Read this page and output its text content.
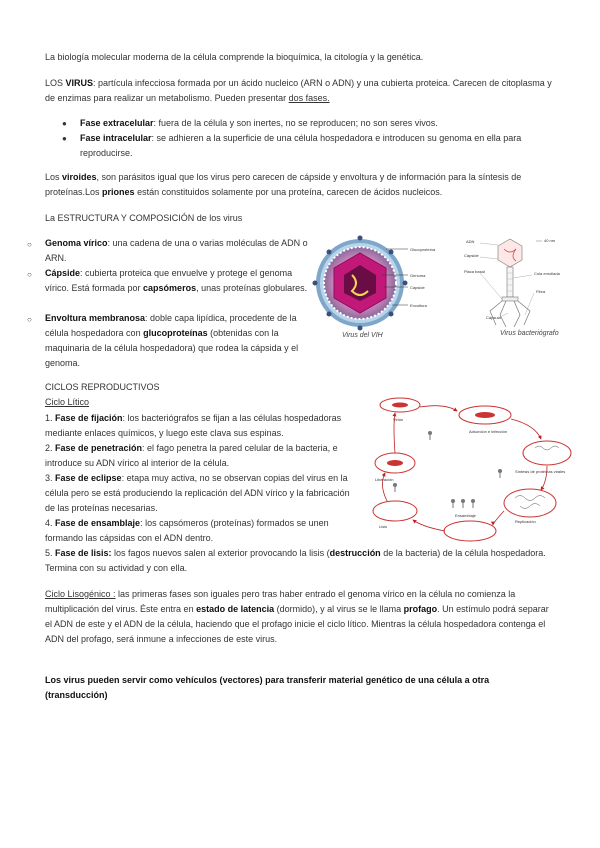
La biología molecular moderna de la célula comprende la bioquímica, la citología y la genética.
LOS VIRUS: partícula infecciosa formada por un ácido nucleico (ARN o ADN) y una cubierta proteica. Carecen de citoplasma y de enzimas para realizar un metabolismo. Pueden presentar dos fases.
● Fase extracelular: fuera de la célula y son inertes, no se reproducen; no son seres vivos.
● Fase intracelular: se adhieren a la superficie de una célula hospedadora e introducen su genoma en ella para reproducirse.
Los viroides, son parásitos igual que los virus pero carecen de cápside y envoltura y de información para la síntesis de proteínas.Los priones están constituidos solamente por una proteína, carecen de ácidos nucleicos.
La ESTRUCTURA Y COMPOSICIÓN de los virus
○ Genoma vírico: una cadena de una o varias moléculas de ADN o ARN.
○ Cápside: cubierta proteica que envuelve y protege el genoma vírico. Está formada por capsómeros, unas proteínas globulares.
○ Envoltura membranosa: doble capa lipídica, procedente de la célula hospedadora con glucoproteínas (obtenidas con la maquinaria de la célula hospedadora) que rodea la cápsida y el genoma.
Glucoproteína
Genoma
Cápside
Envoltura
Virus del VIH
ADN	40 nm
Cápside
Placa basal	Cola enrollada
Fibra
Cápsula
Virus bacteriógrafo
CICLOS REPRODUCTIVOS
Ciclo Lítico
1. Fase de fijación: los bacteriógrafos se fijan a las células hospedadoras mediante enlaces químicos, y luego este clava sus espinas.
2. Fase de penetración: el fago penetra la pared celular de la bacteria, e introduce su ADN vírico al interior de la célula.
3. Fase de eclipse: etapa muy activa, no se observan copias del virus en la célula pero se está produciendo la replicación del ADN vírico y la fabricación de las proteínas necesarias.
4. Fase de ensamblaje: los capsómeros (proteínas) formados se unen formando las cápsidas con el ADN dentro.
5. Fase de lisis: los fagos nuevos salen al exterior provocando la lisis (destrucción de la bacteria) de la célula hospedadora. Termina con su actividad y con ella.
Virión
Adsorción e infección
Síntesis de proteínas virales
Replicación
Ensamblaje
Liberación
Lisis
Ciclo Lisogénico : las primeras fases son iguales pero tras haber entrado el genoma vírico en la célula no comienza la multiplicación del virus. Éste entra en estado de latencia (dormido), y al virus se le llama profago. Un estímulo podrá separar el ADN de este y el ADN de la célula, haciendo que el profago inicie el ciclo lítico. Mientras la célula hospedadora contenga el ADN del profago, será inmune a infecciones de este virus.
Los virus pueden servir como vehículos (vectores) para transferir material genético de una célula a otra (transducción)
